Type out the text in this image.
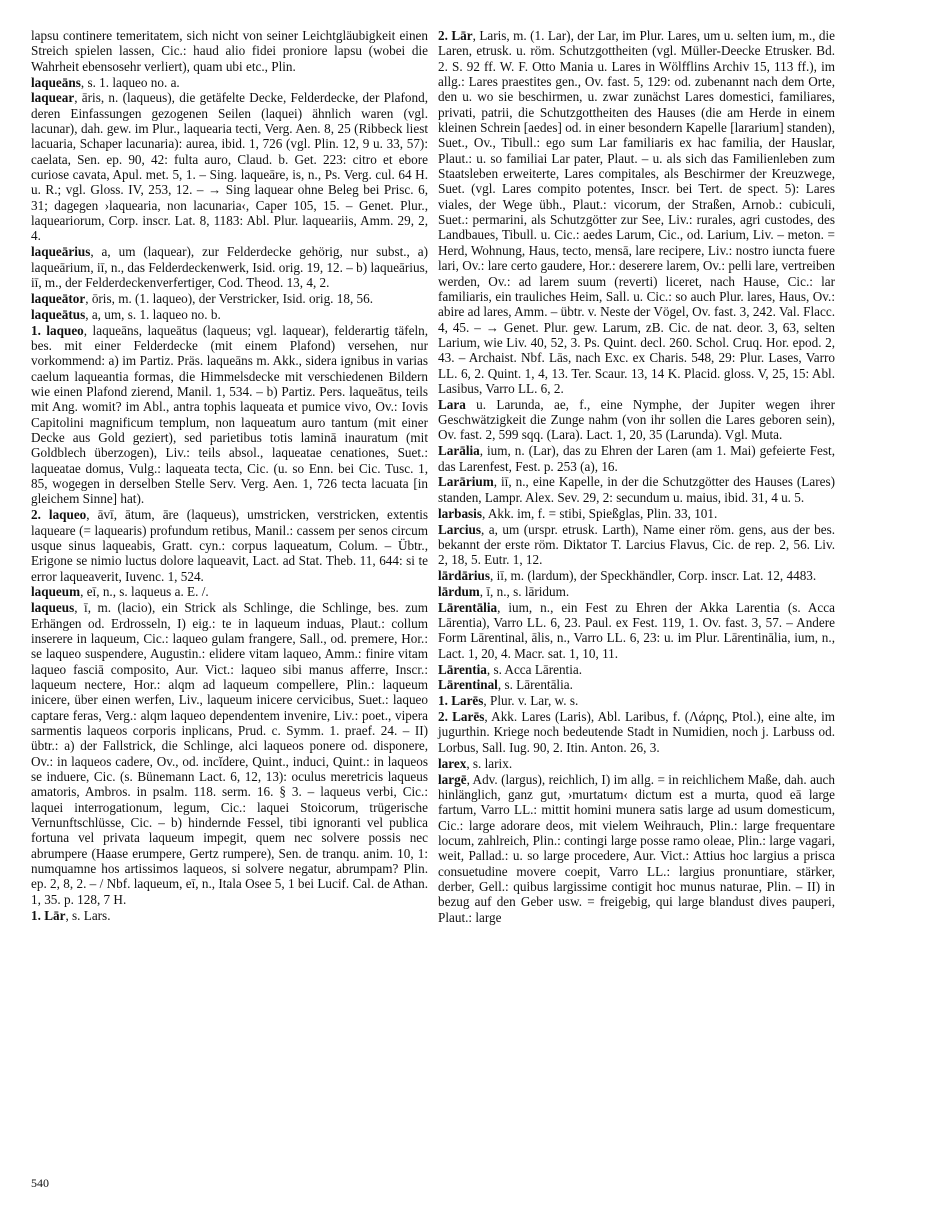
lapsu continere temeritatem, sich nicht von seiner Leichtgläubigkeit einen Streich spielen lassen, Cic.: haud alio fidei proniore lapsu (wobei die Wahrheit ebensosehr verliert), quam ubi etc., Plin.

laqueāns, s. 1. laqueo no. a.

laquear, āris, n. (laqueus), die getäfelte Decke, Felderdecke, der Plafond, deren Einfassungen gezogenen Seilen (laquei) ähnlich waren (vgl. lacunar), dah. gew. im Plur., laquearia tecti, Verg. Aen. 8, 25 (Ribbeck liest lacuaria, Schaper lacunaria): aurea, ibid. 1, 726 (vgl. Plin. 12, 9 u. 33, 57): caelata, Sen. ep. 90, 42: fulta auro, Claud. b. Get. 223: citro et ebore curiose cavata, Apul. met. 5, 1. – Sing. laqueāre, is, n., Ps. Verg. cul. 64 H. u. R.; vgl. Gloss. IV, 253, 12. – → Sing laquear ohne Beleg bei Prisc. 6, 31; dagegen ›laquearia, non lacunaria‹, Caper 105, 15. – Genet. Plur., laqueariorum, Corp. inscr. Lat. 8, 1183: Abl. Plur. laqueariis, Amm. 29, 2, 4.

laqueārius, a, um (laquear), zur Felderdecke gehörig, nur subst., a) laqueārium, iī, n., das Felderdeckenwerk, Isid. orig. 19, 12. – b) laqueārius, iī, m., der Felderdeckenverfertiger, Cod. Theod. 13, 4, 2.

laqueātor, ōris, m. (1. laqueo), der Verstricker, Isid. orig. 18, 56.

laqueātus, a, um, s. 1. laqueo no. b.

1. laqueo, laqueāns, laqueātus (laqueus; vgl. laquear), felderartig täfeln, bes. mit einer Felderdecke (mit einem Plafond) versehen, nur vorkommend: a) im Partiz. Präs. laqueāns m. Akk., sidera ignibus in varias caelum laqueantia formas, die Himmelsdecke mit verschiedenen Bildern wie einen Plafond zierend, Manil. 1, 534. – b) Partiz. Pers. laqueātus, teils mit Ang. womit? im Abl., antra tophis laqueata et pumice vivo, Ov.: Iovis Capitolini magnificum templum, non laqueatum auro tantum (mit einer Decke aus Gold geziert), sed parietibus totis laminā inauratum (mit Goldblech überzogen), Liv.: teils absol., laqueatae cenationes, Suet.: laqueatae domus, Vulg.: laqueata tecta, Cic. (u. so Enn. bei Cic. Tusc. 1, 85, wogegen in derselben Stelle Serv. Verg. Aen. 1, 726 tecta lacuata [in gleichem Sinne] hat).

2. laqueo, āvī, ātum, āre (laqueus), umstricken, verstricken, extentis laqueare (= laquearis) profundum retibus, Manil.: cassem per senos circum usque sinus laqueabis, Gratt. cyn.: corpus laqueatum, Colum. – Übtr., Erigone se nimio luctus dolore laqueavit, Lact. ad Stat. Theb. 11, 644: si te error laqueaverit, Iuvenc. 1, 524.

laqueum, eī, n., s. laqueus a. E. /.

laqueus, ī, m. (lacio), ein Strick als Schlinge, die Schlinge, bes. zum Erhängen od. Erdrosseln, I) eig.: te in laqueum induas, Plaut.: collum inserere in laqueum, Cic.: laqueo gulam frangere, Sall., od. premere, Hor.: se laqueo suspendere, Augustin.: elidere vitam laqueo, Amm.: finire vitam laqueo fasciā composito, Aur. Vict.: laqueo sibi manus afferre, Inscr.: laqueum nectere, Hor.: alqm ad laqueum compellere, Plin.: laqueum inicere, über einen werfen, Liv., laqueum inicere cervicibus, Suet.: laqueo captare feras, Verg.: alqm laqueo dependentem invenire, Liv.: poet., vipera sarmentis laqueos corporis inplicans, Prud. c. Symm. 1. praef. 24. – II) übtr.: a) der Fallstrick, die Schlinge, alci laqueos ponere od. disponere, Ov.: in laqueos cadere, Ov., od. incĭdere, Quint., induci, Quint.: in laqueos se induere, Cic. (s. Bünemann Lact. 6, 12, 13): oculus meretricis laqueus amatoris, Ambros. in psalm. 118. serm. 16. § 3. – laqueus verbi, Cic.: laquei interrogationum, legum, Cic.: laquei Stoicorum, trügerische Vernunftschlüsse, Cic. – b) hindernde Fessel, tibi ignoranti vel publica fortuna vel privata laqueum impegit, quem nec solvere possis nec abrumpere (Haase erumpere, Gertz rumpere), Sen. de tranqu. anim. 10, 1: numquamne hos artissimos laqueos, si solvere negatur, abrumpam? Plin. ep. 2, 8, 2. – / Nbf. laqueum, eī, n., Itala Osee 5, 1 bei Lucif. Cal. de Athan. 1, 35. p. 128, 7 H.

1. Lār, s. Lars.

2. Lār, Laris, m. (1. Lar), der Lar, im Plur. Lares, um u. selten ium, m., die Laren, etrusk. u. röm. Schutzgottheiten (vgl. Müller-Deecke Etrusker. Bd. 2. S. 92 ff. W. F. Otto Mania u. Lares in Wölfflins Archiv 15, 113 ff.), im allg.: Lares praestites gen., Ov. fast. 5, 129: od. zubenannt nach dem Orte, den u. wo sie beschirmen, u. zwar zunächst Lares domestici, familiares, privati, patrii, die Schutzgottheiten des Hauses (die am Herde in einem kleinen Schrein [aedes] od. in einer besondern Kapelle [lararium] standen), Suet., Ov., Tibull.: ego sum Lar familiaris ex hac familia, der Hauslar, Plaut.: u. so familiai Lar pater, Plaut. – u. als sich das Familienleben zum Staatsleben erweiterte, Lares compitales, als Beschirmer der Kreuzwege, Suet. (vgl. Lares compito potentes, Inscr. bei Tert. de spect. 5): Lares viales, der Wege übh., Plaut.: vicorum, der Straßen, Arnob.: cubiculi, Suet.: permarini, als Schutzgötter zur See, Liv.: rurales, agri custodes, des Landbaues, Tibull. u. Cic.: aedes Larum, Cic., od. Larium, Liv. – meton. = Herd, Wohnung, Haus, tecto, mensā, lare recipere, Liv.: nostro iuncta fuere lari, Ov.: lare certo gaudere, Hor.: deserere larem, Ov.: pelli lare, vertreiben werden, Ov.: ad larem suum (reverti) liceret, nach Hause, Cic.: lar familiaris, ein trauliches Heim, Sall. u. Cic.: so auch Plur. lares, Haus, Ov.: abire ad lares, Amm. – übtr. v. Neste der Vögel, Ov. fast. 3, 242. Val. Flacc. 4, 45. – → Genet. Plur. gew. Larum, zB. Cic. de nat. deor. 3, 63, selten Larium, wie Liv. 40, 52, 3. Ps. Quint. decl. 260. Schol. Cruq. Hor. epod. 2, 43. – Archaist. Nbf. Lās, nach Exc. ex Charis. 548, 29: Plur. Lases, Varro LL. 6, 2. Quint. 1, 4, 13. Ter. Scaur. 13, 14 K. Placid. gloss. V, 25, 15: Abl. Lasibus, Varro LL. 6, 2.

Lara u. Larunda, ae, f., eine Nymphe, der Jupiter wegen ihrer Geschwätzigkeit die Zunge nahm (von ihr sollen die Lares geboren sein), Ov. fast. 2, 599 sqq. (Lara). Lact. 1, 20, 35 (Larunda). Vgl. Muta.

Larālia, ium, n. (Lar), das zu Ehren der Laren (am 1. Mai) gefeierte Fest, das Larenfest, Fest. p. 253 (a), 16.

Larārium, iī, n., eine Kapelle, in der die Schutzgötter des Hauses (Lares) standen, Lampr. Alex. Sev. 29, 2: secundum u. maius, ibid. 31, 4 u. 5.

larbasis, Akk. im, f. = stibi, Spießglas, Plin. 33, 101.

Larcius, a, um (urspr. etrusk. Larth), Name einer röm. gens, aus der bes. bekannt der erste röm. Diktator T. Larcius Flavus, Cic. de rep. 2, 56. Liv. 2, 18, 5. Eutr. 1, 12.

lārdārius, iī, m. (lardum), der Speckhändler, Corp. inscr. Lat. 12, 4483.

lārdum, ī, n., s. lāridum.

Lārentālia, ium, n., ein Fest zu Ehren der Akka Larentia (s. Acca Lārentia), Varro LL. 6, 23. Paul. ex Fest. 119, 1. Ov. fast. 3, 57. – Andere Form Lārentinal, ālis, n., Varro LL. 6, 23: u. im Plur. Lārentinālia, ium, n., Lact. 1, 20, 4. Macr. sat. 1, 10, 11.

Lārentia, s. Acca Lārentia.

Lārentinal, s. Lārentālia.

1. Larēs, Plur. v. Lar, w. s.

2. Larēs, Akk. Lares (Laris), Abl. Laribus, f. (Λάρης, Ptol.), eine alte, im jugurthin. Kriege noch bedeutende Stadt in Numidien, noch j. Larbuss od. Lorbus, Sall. Iug. 90, 2. Itin. Anton. 26, 3.

larex, s. larix.

largē, Adv. (largus), reichlich, I) im allg. = in reichlichem Maße, dah. auch hinlänglich, ganz gut, ›murtatum‹ dictum est a murta, quod eā large fartum, Varro LL.: mittit homini munera satis large ad usum domesticum, Cic.: large adorare deos, mit vielem Weihrauch, Plin.: large frequentare locum, zahlreich, Plin.: contingi large posse ramo oleae, Plin.: large vagari, weit, Pallad.: u. so large procedere, Aur. Vict.: Attius hoc largius a prisca consuetudine movere coepit, Varro LL.: largius pronuntiare, stärker, derber, Gell.: quibus largissime contigit hoc munus naturae, Plin. – II) in bezug auf den Geber usw. = freigebig, qui large blandust dives pauperi, Plaut.: large

540
